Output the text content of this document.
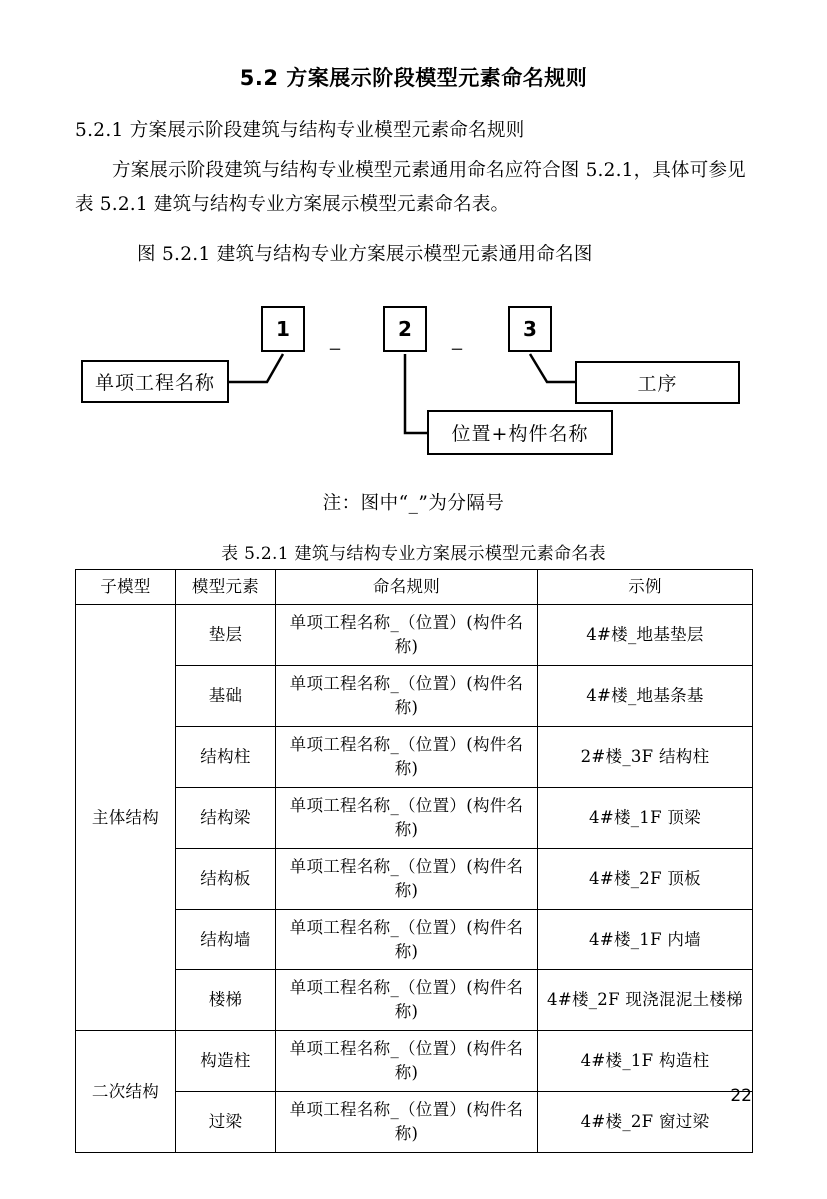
5.2 方案展示阶段模型元素命名规则
5.2.1 方案展示阶段建筑与结构专业模型元素命名规则

方案展示阶段建筑与结构专业模型元素通用命名应符合图 5.2.1，具体可参见表 5.2.1 建筑与结构专业方案展示模型元素命名表。

图 5.2.1 建筑与结构专业方案展示模型元素通用命名图

1	_	2	_	3
单项工程名称
位置+构件名称
工序

注：图中“_”为分隔号

表 5.2.1 建筑与结构专业方案展示模型元素命名表

子模型	模型元素	命名规则	示例
主体结构	垫层	单项工程名称_（位置）(构件名称)	4#楼_地基垫层
	基础	单项工程名称_（位置）(构件名称)	4#楼_地基条基
	结构柱	单项工程名称_（位置）(构件名称)	2#楼_3F 结构柱
	结构梁	单项工程名称_（位置）(构件名称)	4#楼_1F 顶梁
	结构板	单项工程名称_（位置）(构件名称)	4#楼_2F 顶板
	结构墙	单项工程名称_（位置）(构件名称)	4#楼_1F 内墙
	楼梯	单项工程名称_（位置）(构件名称)	4#楼_2F 现浇混泥土楼梯
二次结构	构造柱	单项工程名称_（位置）(构件名称)	4#楼_1F 构造柱
	过梁	单项工程名称_（位置）(构件名称)	4#楼_2F 窗过梁
22
